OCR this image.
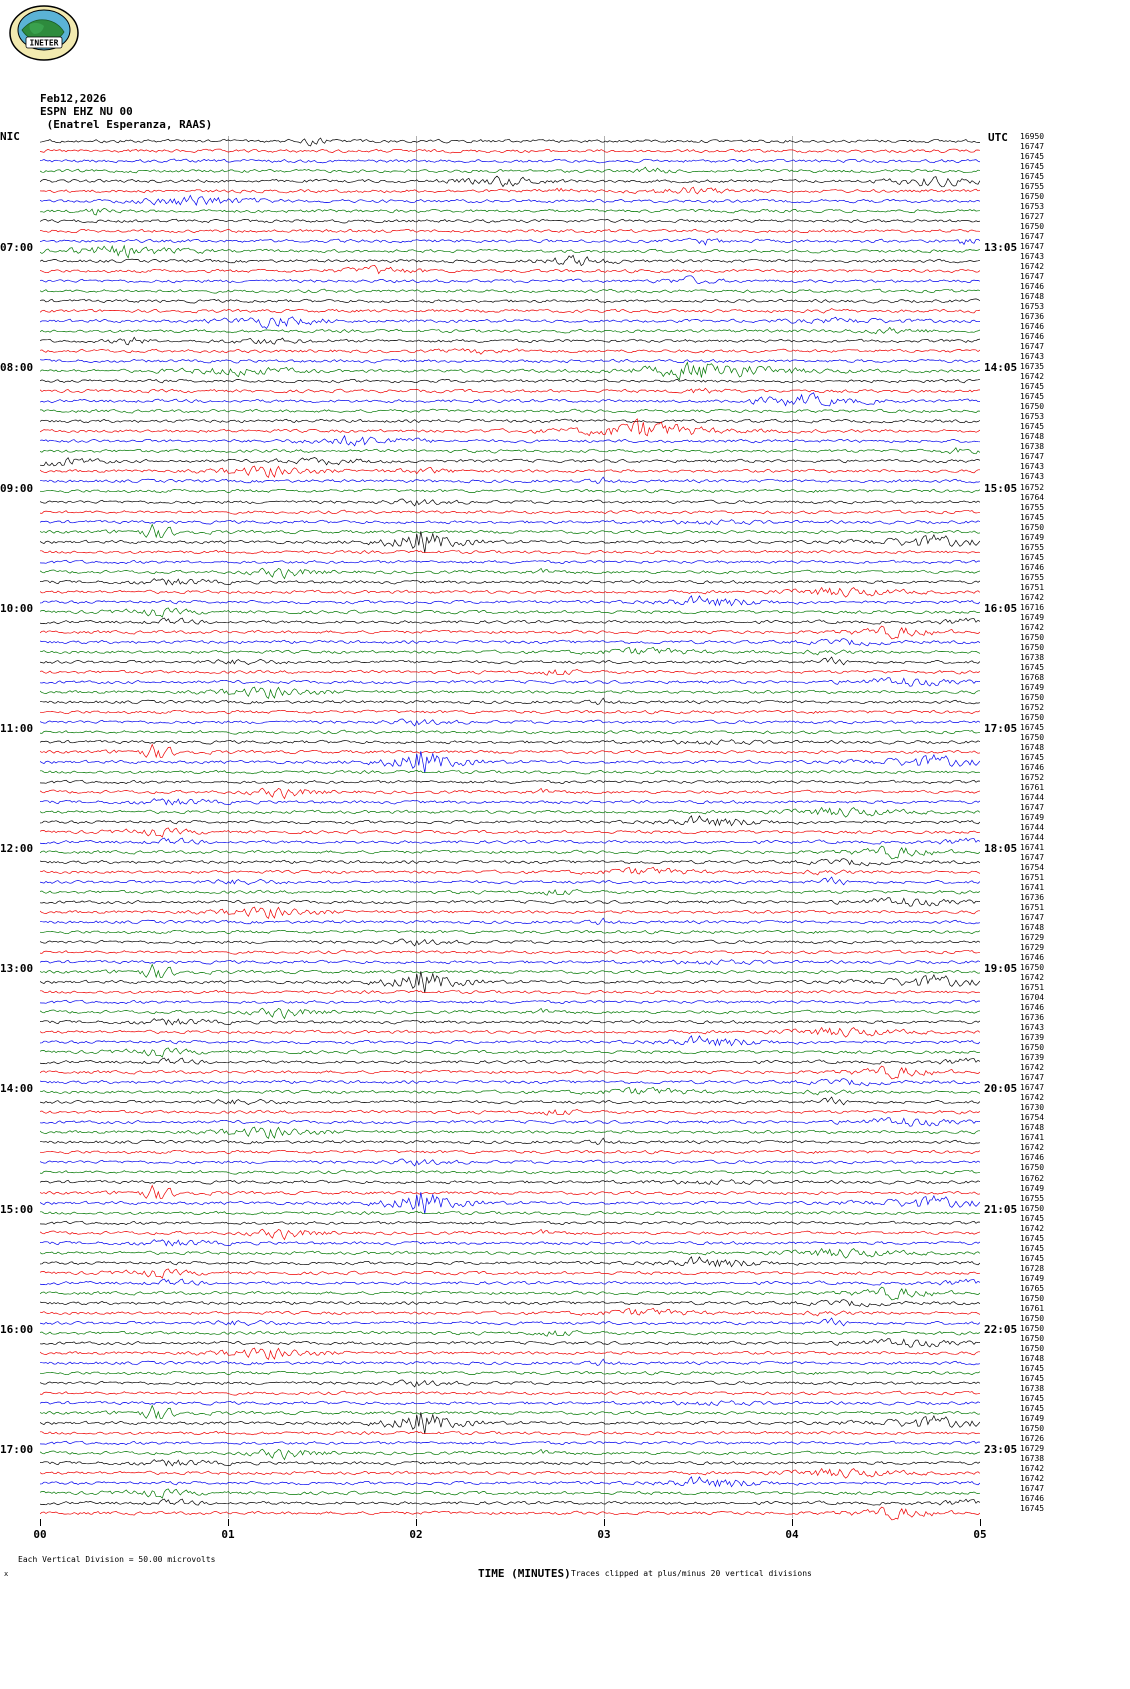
INETER
Feb12,2026
ESPN EHZ NU 00
(Enatrel Esperanza, RAAS)
NIC	UTC
00	01	02	03	04	05
TIME (MINUTES) Traces clipped at plus/minus 20 vertical divisions
Each Vertical Division = 50.00 microvolts
x
07:00	13:05
08:00	14:05
09:00	15:05
10:00	16:05
11:00	17:05
12:00	18:05
13:00	19:05
14:00	20:05
15:00	21:05
16:00	22:05
17:00	23:05
16950
16747
16745
16745
16745
16755
16750
16753
16727
16750
16747
16747
16743
16742
16747
16746
16748
16753
16736
16746
16746
16747
16743
16735
16742
16745
16745
16750
16753
16745
16748
16738
16747
16743
16743
16752
16764
16755
16745
16750
16749
16755
16745
16746
16755
16751
16742
16716
16749
16742
16750
16750
16738
16745
16768
16749
16750
16752
16750
16745
16750
16748
16745
16746
16752
16761
16744
16747
16749
16744
16744
16741
16747
16754
16751
16741
16736
16751
16747
16748
16729
16729
16746
16750
16742
16751
16704
16746
16736
16743
16739
16750
16739
16742
16747
16747
16742
16730
16754
16748
16741
16742
16746
16750
16762
16749
16755
16750
16745
16742
16745
16745
16745
16728
16749
16765
16750
16761
16750
16750
16750
16750
16748
16745
16745
16738
16745
16745
16749
16750
16726
16729
16738
16742
16742
16747
16746
16745
